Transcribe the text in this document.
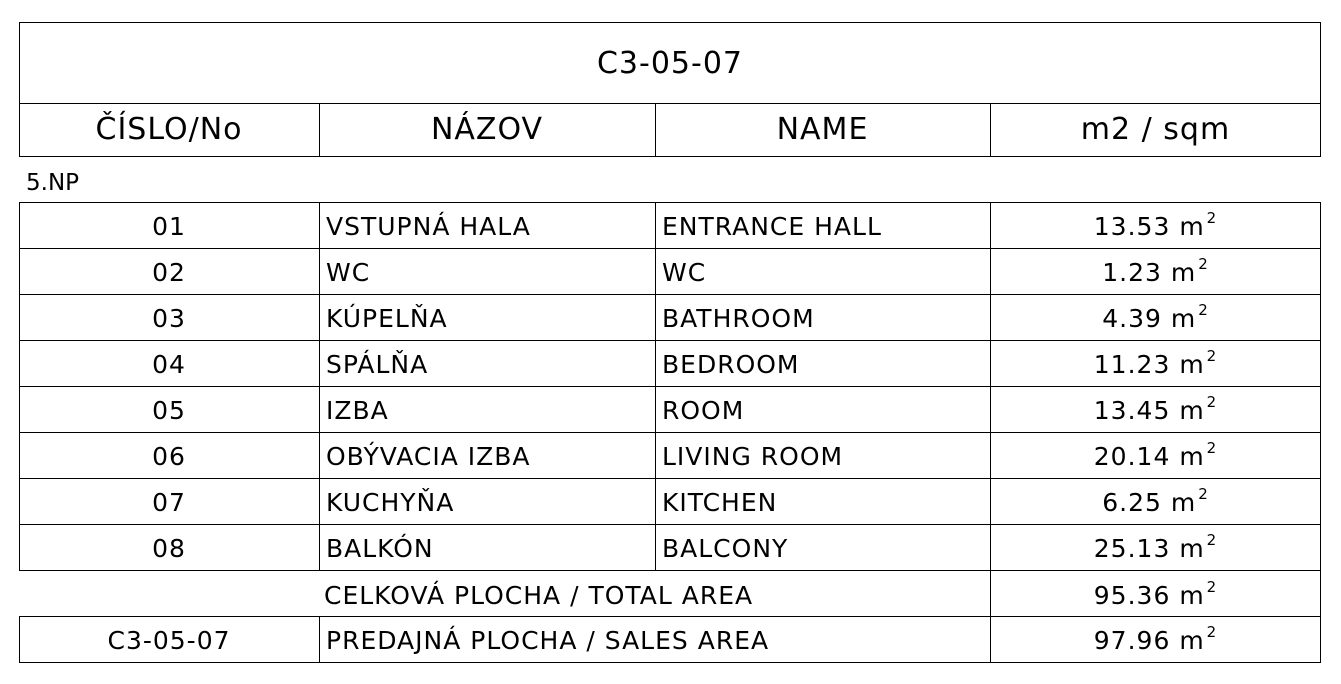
C3-05-07
ČÍSLO/No	NÁZOV	NAME	m2 / sqm
5.NP
01	VSTUPNÁ HALA	ENTRANCE HALL	13.53 m $^2$
02	WC	WC	1.23 m $^2$
03	KÚPELŇA	BATHROOM	4.39 m $^2$
04	SPÁLŇA	BEDROOM	11.23 m $^2$
05	IZBA	ROOM	13.45 m $^2$
06	OBÝVACIA IZBA	LIVING ROOM	20.14 m $^2$
07	KUCHYŇA	KITCHEN	6.25 m $^2$
08	BALKÓN	BALCONY	25.13 m $^2$
CELKOVÁ PLOCHA / TOTAL AREA	95.36 m $^2$
C3-05-07	PREDAJNÁ PLOCHA / SALES AREA	97.96 m $^2$
